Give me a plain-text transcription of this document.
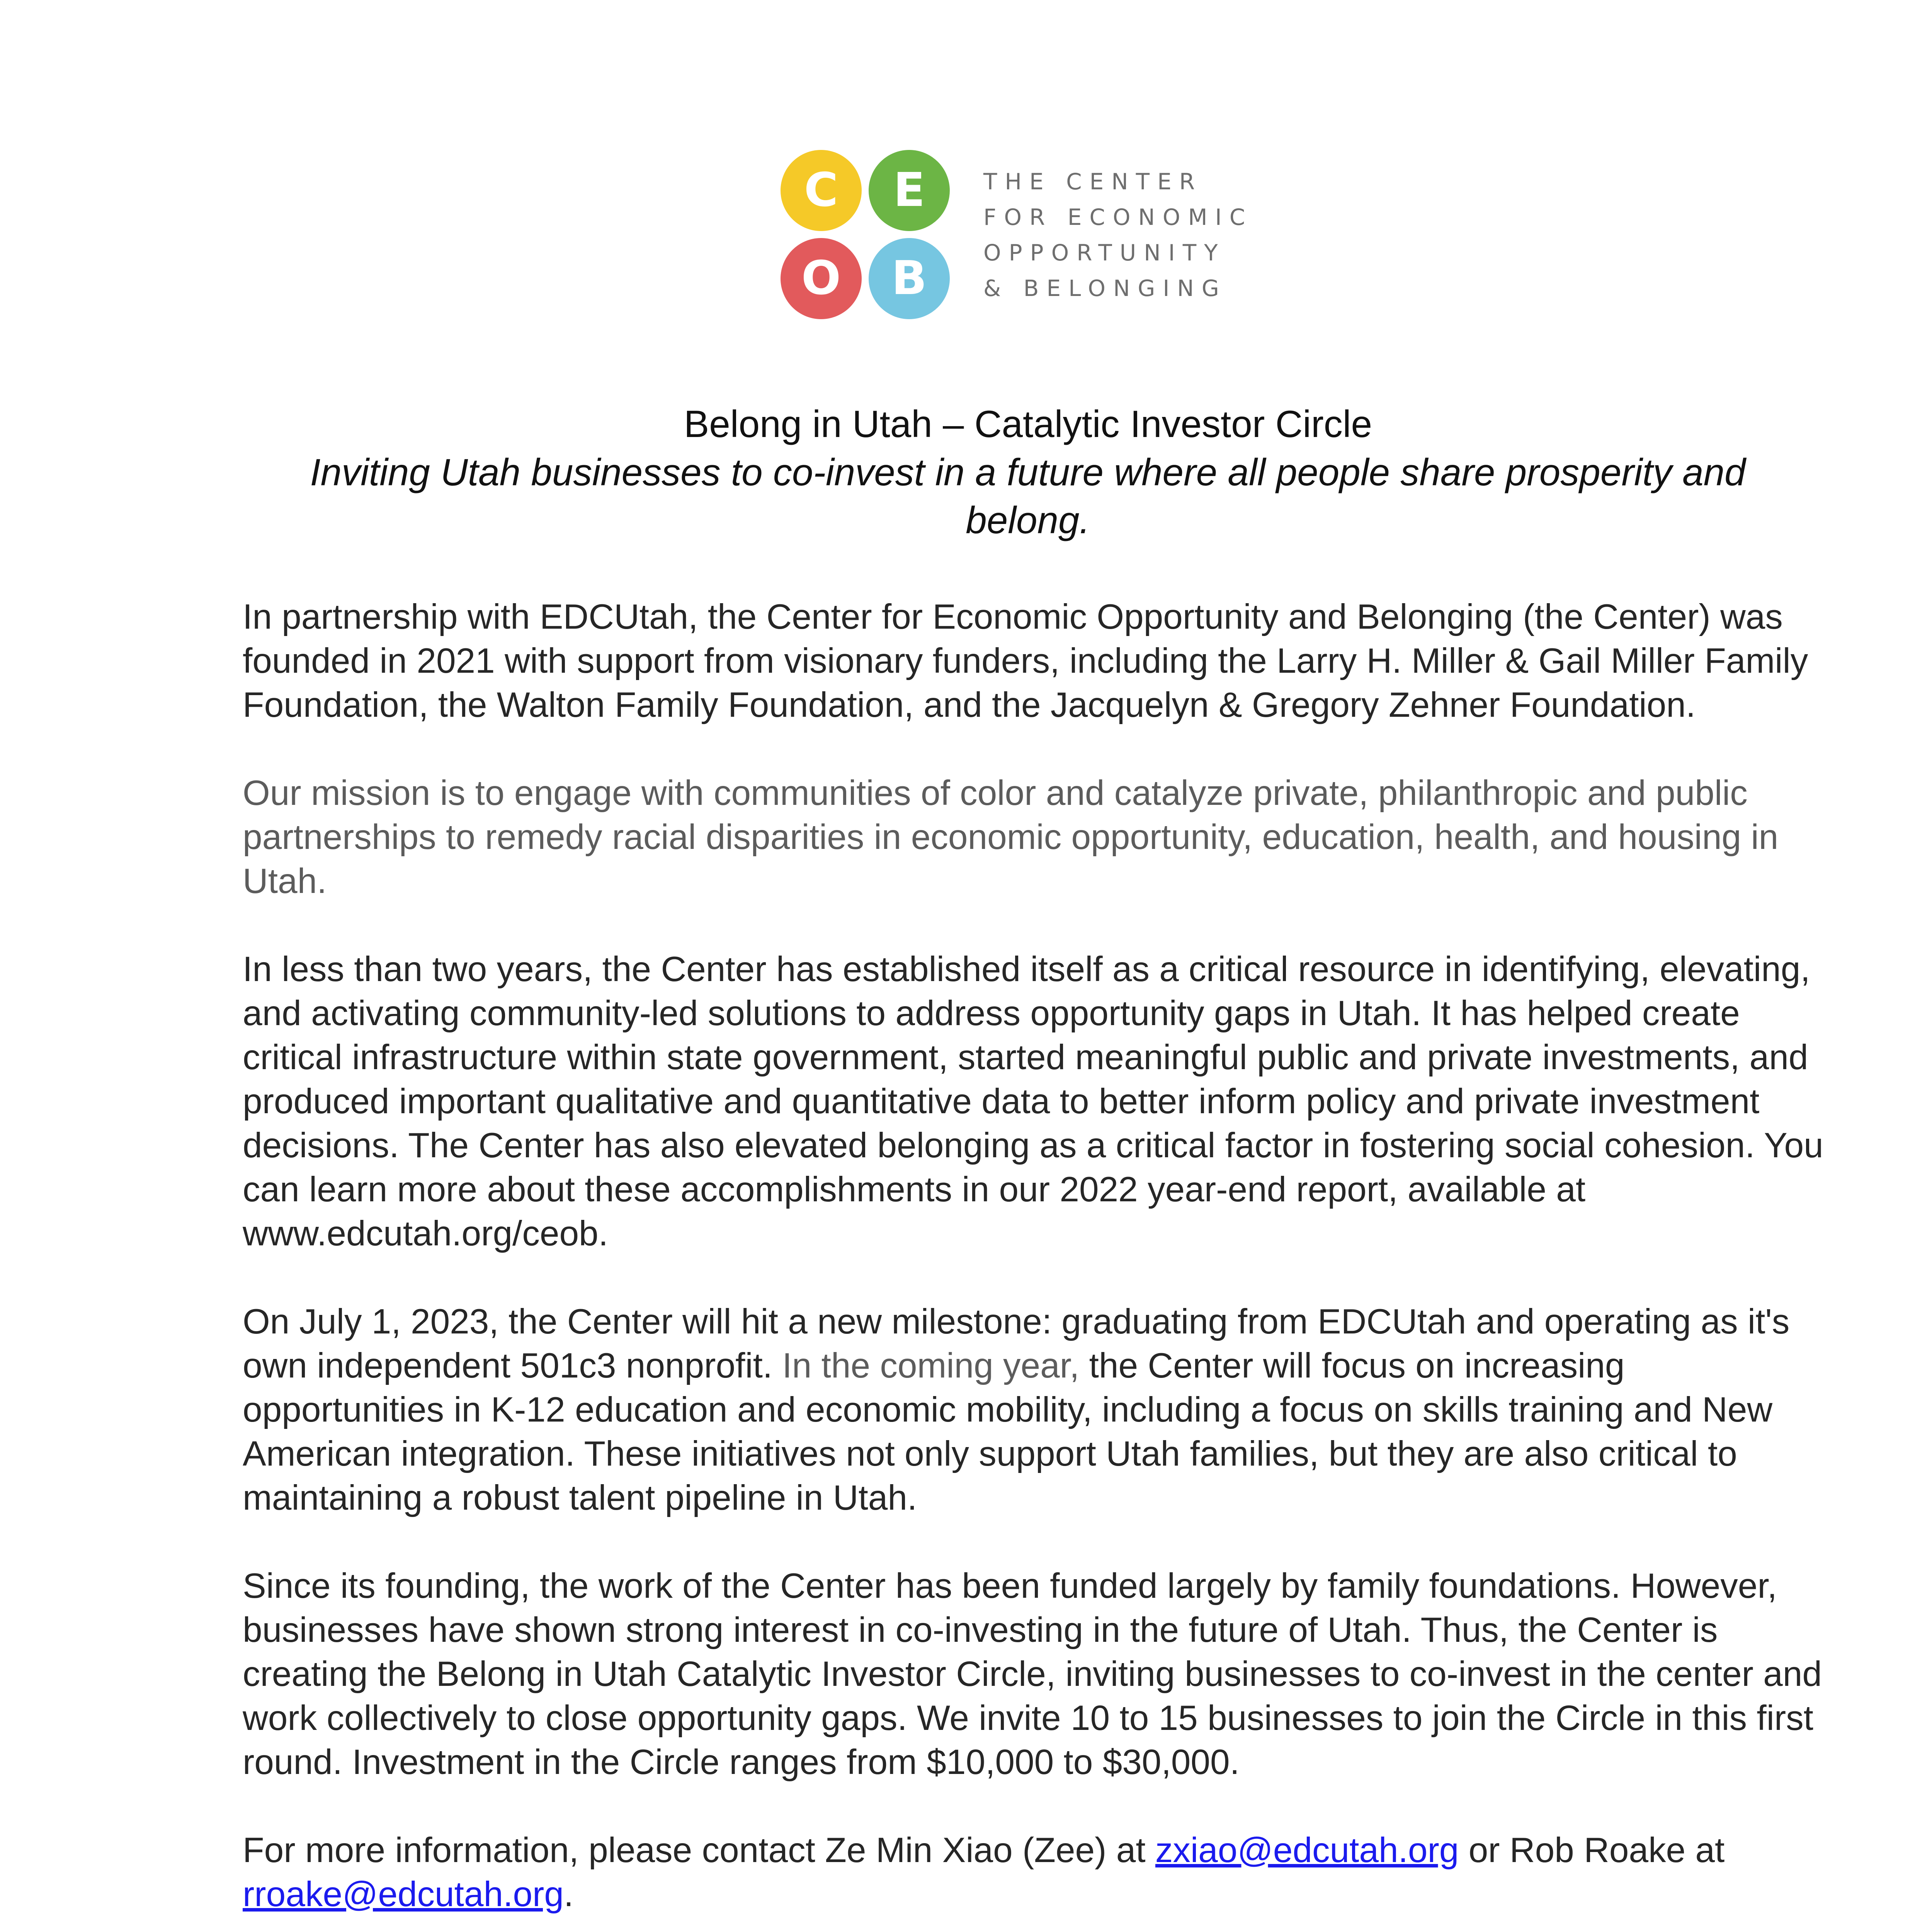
C	E
O	B
THE CENTER
FOR ECONOMIC
OPPORTUNITY
& BELONGING
Belong in Utah – Catalytic Investor Circle
Inviting Utah businesses to co-invest in a future where all people share prosperity and belong.

In partnership with EDCUtah, the Center for Economic Opportunity and Belonging (the Center) was founded in 2021 with support from visionary funders, including the Larry H. Miller & Gail Miller Family Foundation, the Walton Family Foundation, and the Jacquelyn & Gregory Zehner Foundation.

Our mission is to engage with communities of color and catalyze private, philanthropic and public partnerships to remedy racial disparities in economic opportunity, education, health, and housing in Utah.

In less than two years, the Center has established itself as a critical resource in identifying, elevating, and activating community-led solutions to address opportunity gaps in Utah. It has helped create critical infrastructure within state government, started meaningful public and private investments, and produced important qualitative and quantitative data to better inform policy and private investment decisions. The Center has also elevated belonging as a critical factor in fostering social cohesion. You can learn more about these accomplishments in our 2022 year-end report, available at www.edcutah.org/ceob.

On July 1, 2023, the Center will hit a new milestone: graduating from EDCUtah and operating as it's own independent 501c3 nonprofit. In the coming year, the Center will focus on increasing opportunities in K-12 education and economic mobility, including a focus on skills training and New American integration. These initiatives not only support Utah families, but they are also critical to maintaining a robust talent pipeline in Utah.

Since its founding, the work of the Center has been funded largely by family foundations. However, businesses have shown strong interest in co-investing in the future of Utah. Thus, the Center is creating the Belong in Utah Catalytic Investor Circle, inviting businesses to co-invest in the center and work collectively to close opportunity gaps. We invite 10 to 15 businesses to join the Circle in this first round. Investment in the Circle ranges from $10,000 to $30,000.

For more information, please contact Ze Min Xiao (Zee) at zxiao@edcutah.org or Rob Roake at rroake@edcutah.org.
